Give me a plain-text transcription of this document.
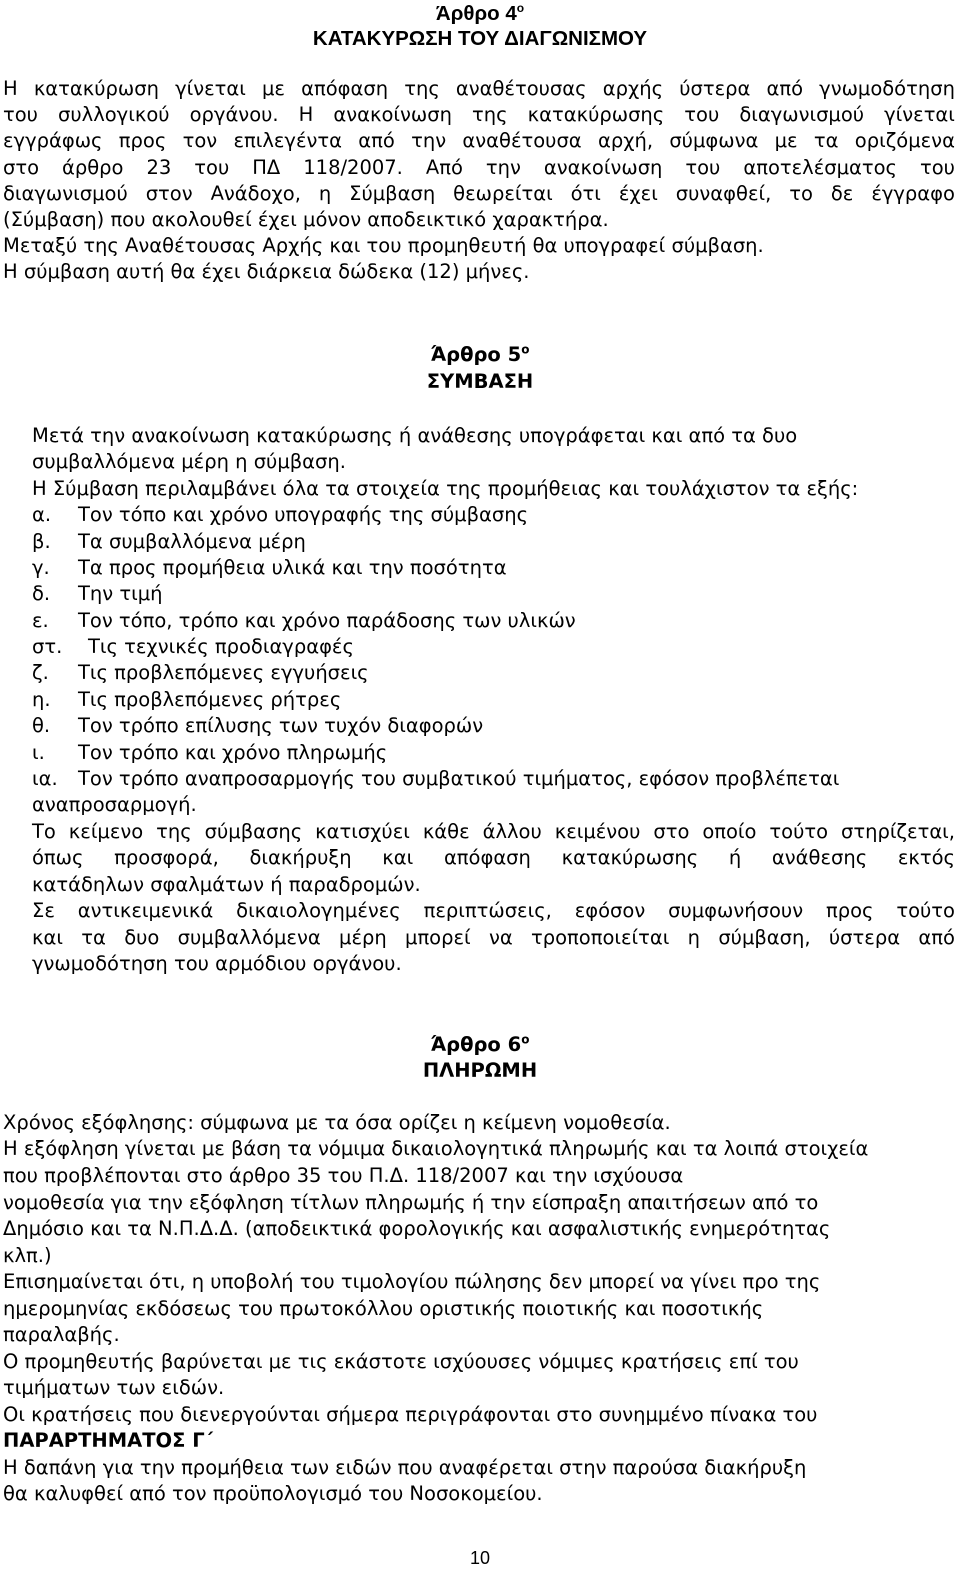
Άρθρο $4^o$
ΚΑΤΑΚΥΡΩΣΗ ΤΟΥ ΔΙΑΓΩΝΙΣΜΟΥ
Η κατακύρωση γίνεται με απόφαση της αναθέτουσας αρχής ύστερα από γνωμοδότηση
του συλλογικού οργάνου. Η ανακοίνωση της κατακύρωσης του διαγωνισμού γίνεται
εγγράφως προς τον επιλεγέντα από την αναθέτουσα αρχή, σύμφωνα με τα οριζόμενα
στο άρθρο 23 του ΠΔ 118/2007. Από την ανακοίνωση του αποτελέσματος του
διαγωνισμού στον Ανάδοχο, η Σύμβαση θεωρείται ότι έχει συναφθεί, το δε έγγραφο
(Σύμβαση) που ακολουθεί έχει μόνον αποδεικτικό χαρακτήρα.
Μεταξύ της Αναθέτουσας Αρχής και του προμηθευτή θα υπογραφεί σύμβαση.
Η σύμβαση αυτή θα έχει διάρκεια δώδεκα (12) μήνες.
Άρθρο $5^o$
ΣΥΜΒΑΣΗ
Μετά την ανακοίνωση κατακύρωσης ή ανάθεσης υπογράφεται και από τα δυο
συμβαλλόμενα μέρη η σύμβαση.
Η Σύμβαση περιλαμβάνει όλα τα στοιχεία της προμήθειας και τουλάχιστον τα εξής:
α. Τον τόπο και χρόνο υπογραφής της σύμβασης
β. Τα συμβαλλόμενα μέρη
γ. Τα προς προμήθεια υλικά και την ποσότητα
δ. Την τιμή
ε. Τον τόπο, τρόπο και χρόνο παράδοσης των υλικών
στ. Τις τεχνικές προδιαγραφές
ζ. Τις προβλεπόμενες εγγυήσεις
η. Τις προβλεπόμενες ρήτρες
θ. Τον τρόπο επίλυσης των τυχόν διαφορών
ι. Τον τρόπο και χρόνο πληρωμής
ια. Τον τρόπο αναπροσαρμογής του συμβατικού τιμήματος, εφόσον προβλέπεται
αναπροσαρμογή.
Το κείμενο της σύμβασης κατισχύει κάθε άλλου κειμένου στο οποίο τούτο στηρίζεται,
όπως προσφορά, διακήρυξη και απόφαση κατακύρωσης ή ανάθεσης εκτός
κατάδηλων σφαλμάτων ή παραδρομών.
Σε αντικειμενικά δικαιολογημένες περιπτώσεις, εφόσον συμφωνήσουν προς τούτο
και τα δυο συμβαλλόμενα μέρη μπορεί να τροποποιείται η σύμβαση, ύστερα από
γνωμοδότηση του αρμόδιου οργάνου.
Άρθρο $6^o$
ΠΛΗΡΩΜΗ
Χρόνος εξόφλησης: σύμφωνα με τα όσα ορίζει η κείμενη νομοθεσία.
Η εξόφληση γίνεται με βάση τα νόμιμα δικαιολογητικά πληρωμής και τα λοιπά στοιχεία
που προβλέπονται στο άρθρο 35 του Π.Δ. 118/2007 και την ισχύουσα
νομοθεσία για την εξόφληση τίτλων πληρωμής ή την είσπραξη απαιτήσεων από το
Δημόσιο και τα Ν.Π.Δ.Δ. (αποδεικτικά φορολογικής και ασφαλιστικής ενημερότητας
κλπ.)
Επισημαίνεται ότι, η υποβολή του τιμολογίου πώλησης δεν μπορεί να γίνει προ της
ημερομηνίας εκδόσεως του πρωτοκόλλου οριστικής ποιοτικής και ποσοτικής
παραλαβής.
Ο προμηθευτής βαρύνεται με τις εκάστοτε ισχύουσες νόμιμες κρατήσεις επί του
τιμήματων των ειδών.
Οι κρατήσεις που διενεργούνται σήμερα περιγράφονται στο συνημμένο πίνακα του
ΠΑΡΑΡΤΗΜΑΤΟΣ Γ΄
Η δαπάνη για την προμήθεια των ειδών που αναφέρεται στην παρούσα διακήρυξη
θα καλυφθεί από τον προϋπολογισμό του Νοσοκομείου.
10
